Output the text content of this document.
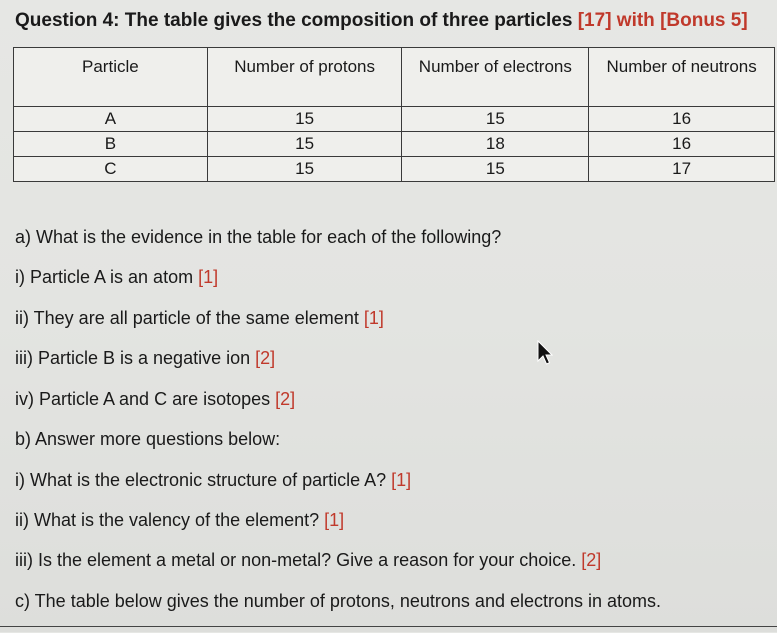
Question 4: The table gives the composition of three particles [17] with [Bonus 5]
Particle	Number of protons	Number of electrons	Number of neutrons
A	15	15	16
B	15	18	16
C	15	15	17
a) What is the evidence in the table for each of the following?
i) Particle A is an atom [1]
ii) They are all particle of the same element [1]
iii) Particle B is a negative ion [2]
iv) Particle A and C are isotopes [2]
b) Answer more questions below:
i) What is the electronic structure of particle A? [1]
ii) What is the valency of the element? [1]
iii) Is the element a metal or non-metal? Give a reason for your choice. [2]
c) The table below gives the number of protons, neutrons and electrons in atoms.
